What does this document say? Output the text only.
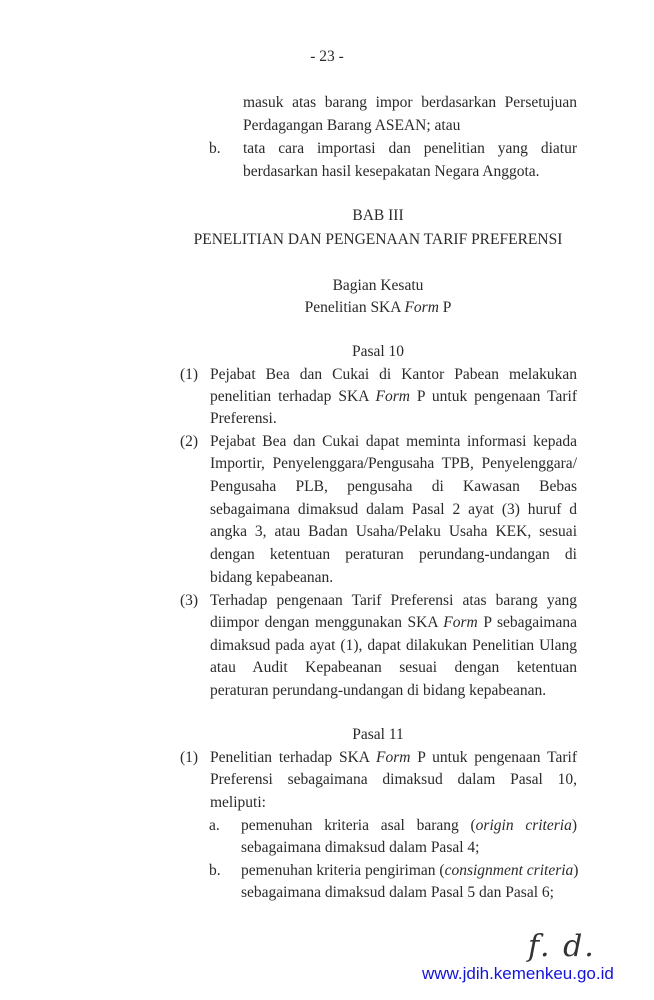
- 23 -
masuk atas barang impor berdasarkan Persetujuan
Perdagangan Barang ASEAN; atau
b. tata cara importasi dan penelitian yang diatur
berdasarkan hasil kesepakatan Negara Anggota.
BAB III
PENELITIAN DAN PENGENAAN TARIF PREFERENSI
Bagian Kesatu
Penelitian SKA Form P
Pasal 10
(1) Pejabat Bea dan Cukai di Kantor Pabean melakukan
penelitian terhadap SKA Form P untuk pengenaan Tarif
Preferensi.
(2) Pejabat Bea dan Cukai dapat meminta informasi kepada
Importir, Penyelenggara/Pengusaha TPB, Penyelenggara/
Pengusaha PLB, pengusaha di Kawasan Bebas
sebagaimana dimaksud dalam Pasal 2 ayat (3) huruf d
angka 3, atau Badan Usaha/Pelaku Usaha KEK, sesuai
dengan ketentuan peraturan perundang-undangan di
bidang kepabeanan.
(3) Terhadap pengenaan Tarif Preferensi atas barang yang
diimpor dengan menggunakan SKA Form P sebagaimana
dimaksud pada ayat (1), dapat dilakukan Penelitian Ulang
atau Audit Kepabeanan sesuai dengan ketentuan
peraturan perundang-undangan di bidang kepabeanan.
Pasal 11
(1) Penelitian terhadap SKA Form P untuk pengenaan Tarif
Preferensi sebagaimana dimaksud dalam Pasal 10,
meliputi:
a. pemenuhan kriteria asal barang (origin criteria)
sebagaimana dimaksud dalam Pasal 4;
b. pemenuhan kriteria pengiriman (consignment criteria)
sebagaimana dimaksud dalam Pasal 5 dan Pasal 6;
f. d.
www.jdih.kemenkeu.go.id
